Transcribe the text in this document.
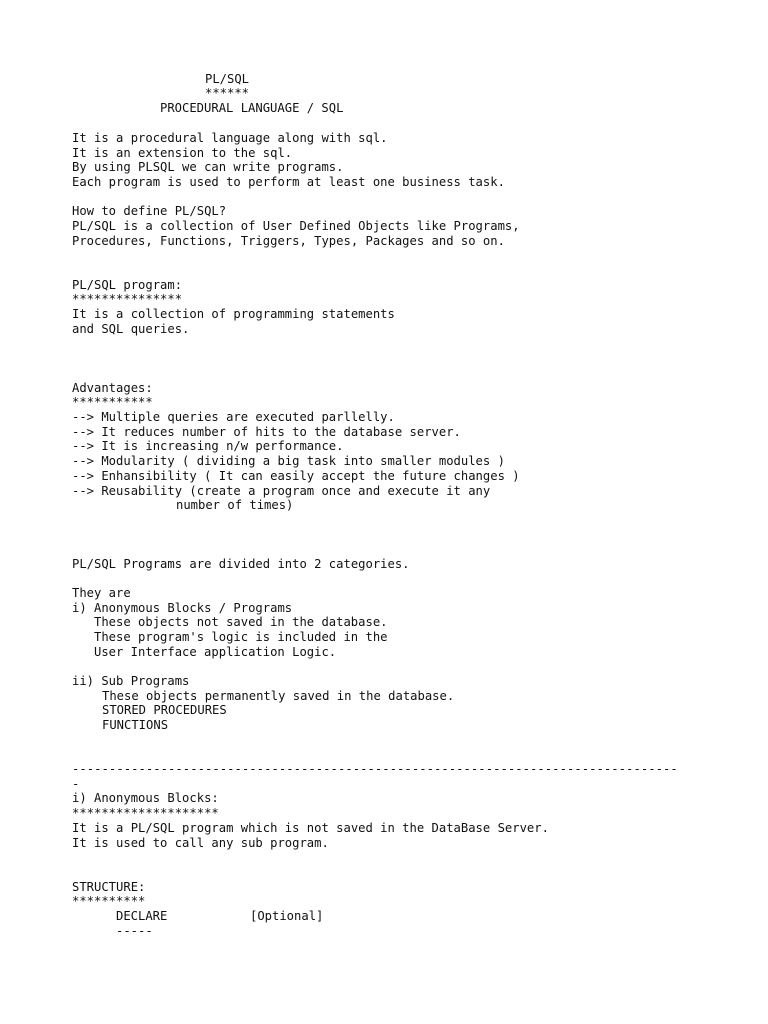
PL/SQL
******
PROCEDURAL LANGUAGE / SQL
It is a procedural language along with sql.
It is an extension to the sql.
By using PLSQL we can write programs.
Each program is used to perform at least one business task.
How to define PL/SQL?
PL/SQL is a collection of User Defined Objects like Programs,
Procedures, Functions, Triggers, Types, Packages and so on.
PL/SQL program:
***************
It is a collection of programming statements
and SQL queries.
Advantages:
***********
--> Multiple queries are executed parllelly.
--> It reduces number of hits to the database server.
--> It is increasing n/w performance.
--> Modularity ( dividing a big task into smaller modules )
--> Enhansibility ( It can easily accept the future changes )
--> Reusability (create a program once and execute it any
number of times)
PL/SQL Programs are divided into 2 categories.
They are
i) Anonymous Blocks / Programs
These objects not saved in the database.
These program's logic is included in the
User Interface application Logic.
ii) Sub Programs
These objects permanently saved in the database.
STORED PROCEDURES
FUNCTIONS
----------------------------------------------------------------------------------
-
i) Anonymous Blocks:
********************
It is a PL/SQL program which is not saved in the DataBase Server.
It is used to call any sub program.
STRUCTURE:
**********
DECLARE	[Optional]
-----
